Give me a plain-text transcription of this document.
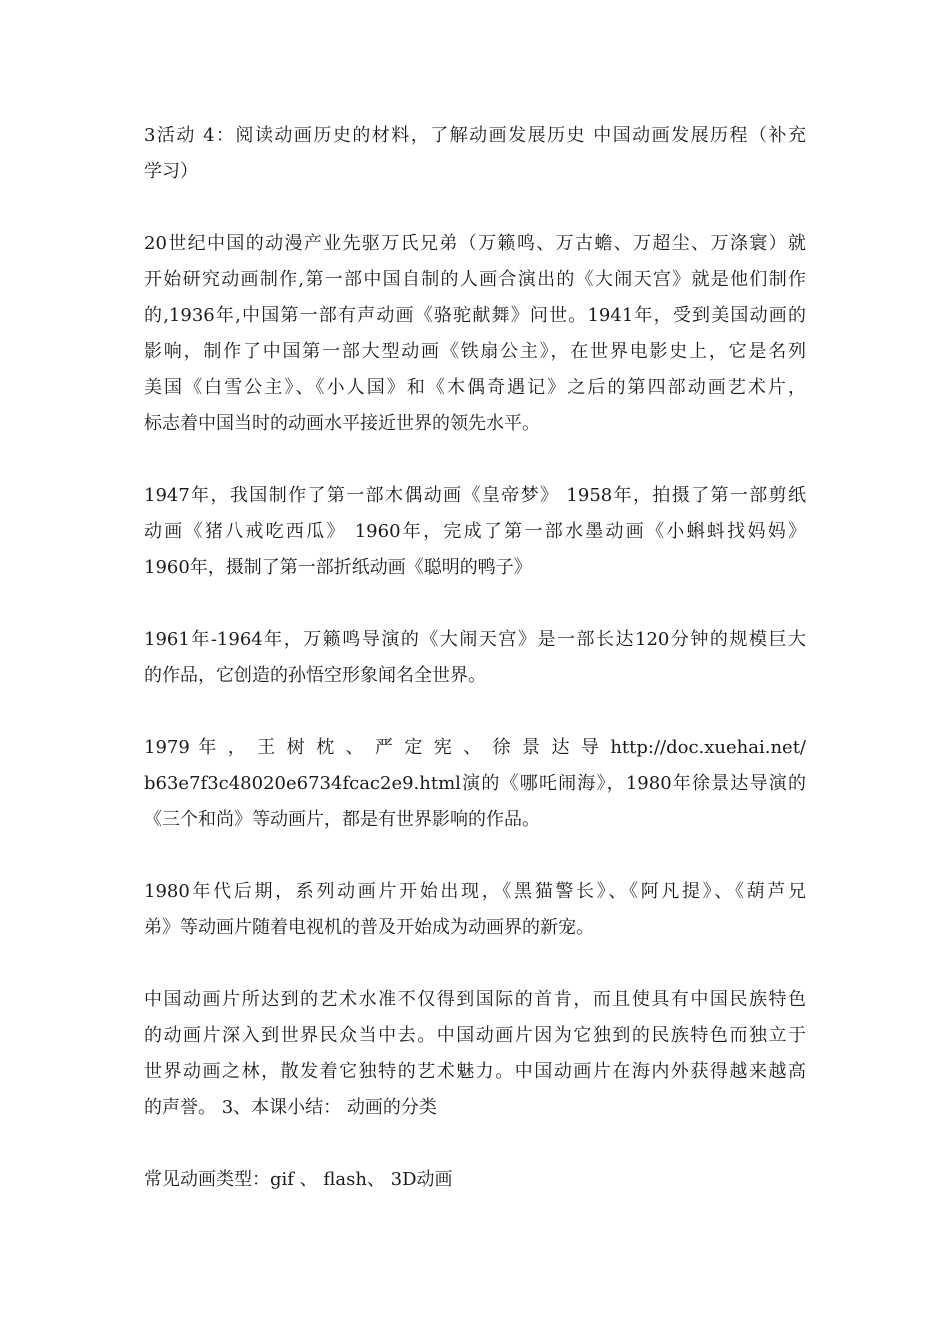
3活动 4：阅读动画历史的材料，了解动画发展历史 中国动画发展历程（补充
学习）

20世纪中国的动漫产业先驱万氏兄弟（万籁鸣、万古蟾、万超尘、万涤寰）就
开始研究动画制作,第一部中国自制的人画合演出的《大闹天宫》就是他们制作
的,1936年,中国第一部有声动画《骆驼献舞》问世。1941年，受到美国动画的
影响，制作了中国第一部大型动画《铁扇公主》，在世界电影史上，它是名列
美国《白雪公主》、《小人国》和《木偶奇遇记》之后的第四部动画艺术片，
标志着中国当时的动画水平接近世界的领先水平。

1947年，我国制作了第一部木偶动画《皇帝梦》 1958年，拍摄了第一部剪纸
动画《猪八戒吃西瓜》 1960年，完成了第一部水墨动画《小蝌蚪找妈妈》
1960年，摄制了第一部折纸动画《聪明的鸭子》

1961年-1964年，万籁鸣导演的《大闹天宫》是一部长达120分钟的规模巨大
的作品，它创造的孙悟空形象闻名全世界。

1979 年 ， 王 树 枕 、 严 定 宪 、 徐 景 达 导 http://doc.xuehai.net/
b63e7f3c48020e6734fcac2e9.html演的《哪吒闹海》，1980年徐景达导演的
《三个和尚》等动画片，都是有世界影响的作品。

1980年代后期，系列动画片开始出现，《黑猫警长》、《阿凡提》、《葫芦兄
弟》等动画片随着电视机的普及开始成为动画界的新宠。

中国动画片所达到的艺术水准不仅得到国际的首肯，而且使具有中国民族特色
的动画片深入到世界民众当中去。中国动画片因为它独到的民族特色而独立于
世界动画之林，散发着它独特的艺术魅力。中国动画片在海内外获得越来越高
的声誉。 3、本课小结： 动画的分类

常见动画类型：gif 、 flash、 3D动画
